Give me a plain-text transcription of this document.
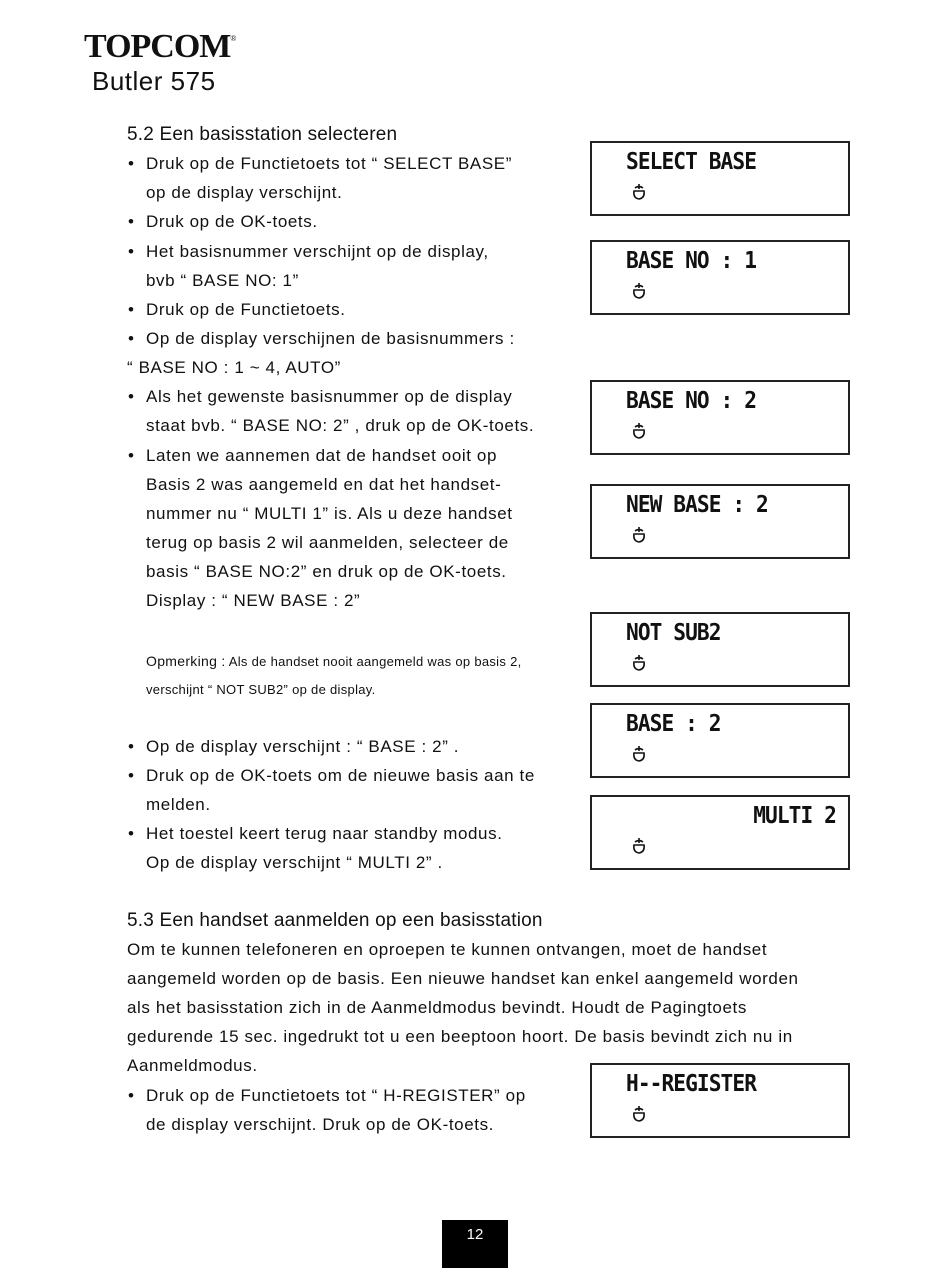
TOPCOM®
Butler 575
5.2 Een basisstation selecteren
• Druk op de Functietoets tot “ SELECT BASE”
op de display verschijnt.
• Druk op de OK-toets.
• Het basisnummer verschijnt op de display,
bvb “ BASE NO: 1”
• Druk op de Functietoets.
• Op de display verschijnen de basisnummers :
“ BASE NO : 1 ~ 4, AUTO”
• Als het gewenste basisnummer op de display
staat bvb. “ BASE NO: 2” , druk op de OK-toets.
• Laten we aannemen dat de handset ooit op
Basis 2 was aangemeld en dat het handset-
nummer nu “ MULTI 1” is. Als u deze handset
terug op basis 2 wil aanmelden, selecteer de
basis “ BASE NO:2” en druk op de OK-toets.
Display : “ NEW BASE : 2”
Opmerking : Als de handset nooit aangemeld was op basis 2,
verschijnt “ NOT SUB2” op de display.
• Op de display verschijnt : “ BASE : 2” .
• Druk op de OK-toets om de nieuwe basis aan te
melden.
• Het toestel keert terug naar standby modus.
Op de display verschijnt “ MULTI 2” .
5.3 Een handset aanmelden op een basisstation
Om te kunnen telefoneren en oproepen te kunnen ontvangen, moet de handset
aangemeld worden op de basis. Een nieuwe handset kan enkel aangemeld worden
als het basisstation zich in de Aanmeldmodus bevindt. Houdt de Pagingtoets
gedurende 15 sec. ingedrukt tot u een beeptoon hoort. De basis bevindt zich nu in
Aanmeldmodus.
• Druk op de Functietoets tot “ H-REGISTER” op
de display verschijnt. Druk op de OK-toets.
SELECT BASE
BASE NO : 1
BASE NO : 2
NEW BASE : 2
NOT SUB2
BASE : 2
MULTI 2
H--REGISTER
12
